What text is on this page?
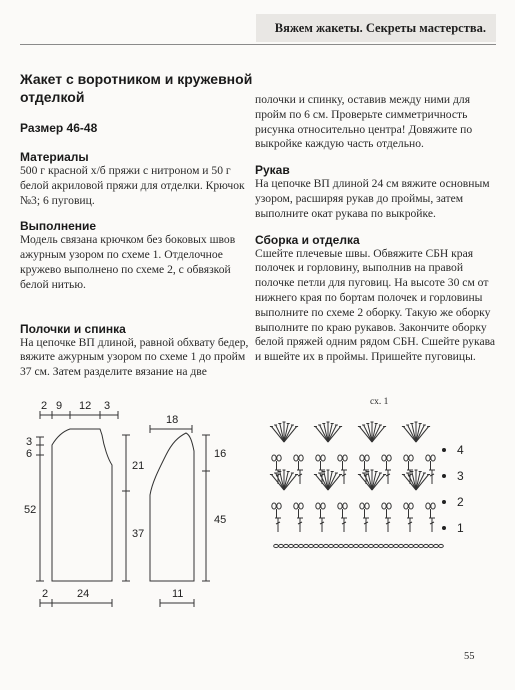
Вяжем жакеты. Секреты мастерства.
Жакет с воротником и кружевной отделкой

Размер 46-48

Материалы

500 г красной х/б пряжи с нитроном и 50 г белой акриловой пряжи для отделки. Крючок №3; 6 пуговиц.

Выполнение

Модель связана крючком без боковых швов ажурным узором по схеме 1. Отделочное кружево выполнено по схеме 2, с обвязкой белой нитью.

Полочки и спинка

На цепочке ВП длиной, равной обхвату бедер, вяжите ажурным узором по схеме 1 до пройм 37 см. Затем разделите вязание на две

полочки и спинку, оставив между ними для пройм по 6 см. Проверьте симметричность рисунка относительно центра! Довяжите по выкройке каждую часть отдельно.

Рукав

На цепочке ВП длиной 24 см вяжите основным узором, расширяя рукав до проймы, затем выполните окат рукава по выкройке.

Сборка и отделка

Сшейте плечевые швы. Обвяжите СБН края полочек и горловину, выполнив на правой полочке петли для пуговиц. На высоте 30 см от нижнего края по бортам полочек и горловины выполните по схеме 2 оборку. Такую же оборку выполните по краю рукавов. Закончите оборку белой пряжей одним рядом СБН. Сшейте рукава и вшейте их в проймы. Пришейте пуговицы.

2 9 12 3
3
6
52
21
37
2	24
18
16
45
11
сх. 1
4
3
2
1
55
